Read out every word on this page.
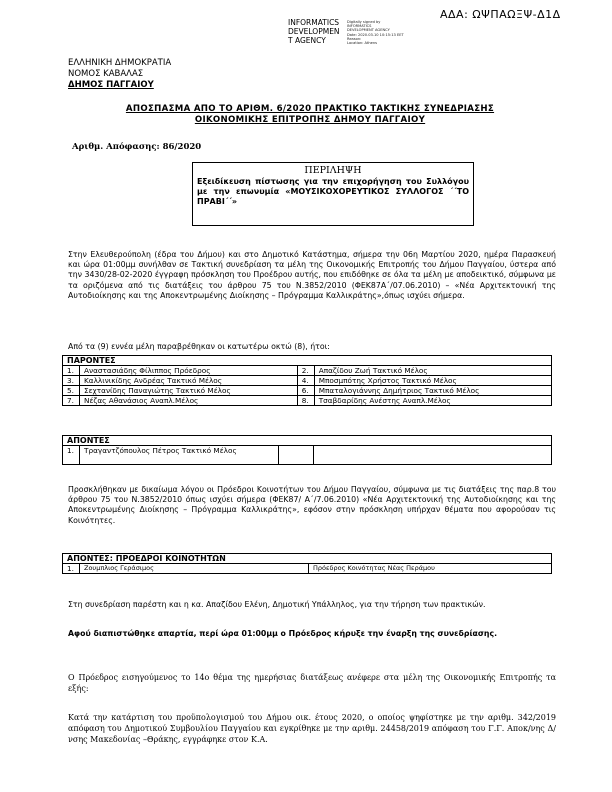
ΑΔΑ: ΩΨΠΑΩΞΨ-Δ1Δ
INFORMATICS
DEVELOPMEN
T AGENCY
Digitally signed by
INFORMATICS
DEVELOPMENT AGENCY
Date: 2020.03.10 10:15:13 EET
Reason:
Location: Athens
ΕΛΛΗΝΙΚΗ ΔΗΜΟΚΡΑΤΙΑ
ΝΟΜΟΣ ΚΑΒΑΛΑΣ
ΔΗΜΟΣ ΠΑΓΓΑΙΟΥ
ΑΠΟΣΠΑΣΜΑ ΑΠΟ ΤΟ ΑΡΙΘΜ. 6/2020 ΠΡΑΚΤΙΚΟ ΤΑΚΤΙΚΗΣ ΣΥΝΕΔΡΙΑΣΗΣ
ΟΙΚΟΝΟΜΙΚΗΣ ΕΠΙΤΡΟΠΗΣ ΔΗΜΟΥ ΠΑΓΓΑΙΟΥ
Αριθμ. Απόφασης: 86/2020
ΠΕΡΙΛΗΨΗ
Εξειδίκευση πίστωσης για την επιχορήγηση του Συλλόγου με την επωνυμία «ΜΟΥΣΙΚΟΧΟΡΕΥΤΙΚΟΣ ΣΥΛΛΟΓΟΣ ΄΄ΤΟ ΠΡΑΒΙ΄΄»
Στην Ελευθερούπολη (έδρα του Δήμου) και στο Δημοτικό Κατάστημα, σήμερα την 06η Μαρτίου 2020, ημέρα Παρασκευή και ώρα 01:00μμ συνήλθαν σε Τακτική συνεδρίαση τα μέλη της Οικονομικής Επιτροπής του Δήμου Παγγαίου, ύστερα από την 3430/28-02-2020 έγγραφη πρόσκληση του Προέδρου αυτής, που επιδόθηκε σε όλα τα μέλη με αποδεικτικό, σύμφωνα με τα οριζόμενα από τις διατάξεις του άρθρου 75 του Ν.3852/2010 (ΦΕΚ87Α΄/07.06.2010) – «Νέα Αρχιτεκτονική της Αυτοδιοίκησης και της Αποκεντρωμένης Διοίκησης – Πρόγραμμα Καλλικράτης»,όπως ισχύει σήμερα.
Από τα (9) εννέα μέλη παραβρέθηκαν οι κατωτέρω οκτώ (8), ήτοι:
ΠΑΡΟΝΤΕΣ			
1.	Αναστασιάδης Φίλιππος Πρόεδρος	2.	Απαζίδου Ζωή Τακτικό Μέλος
3.	Καλλινικίδης Ανδρέας Τακτικό Μέλος	4.	Μποσμπότης Χρήστος Τακτικό Μέλος
5.	Σεχτανίδης Παναγιώτης Τακτικό Μέλος	6.	Μπαταλογιάννης Δημήτριος Τακτικό Μέλος
7.	Νέζας Αθανάσιος Αναπλ.Μέλος	8.	Τσαβδαρίδης Ανέστης Αναπλ.Μέλος
ΑΠΟΝΤΕΣ
1.	Τραγαντζόπουλος Πέτρος Τακτικό Μέλος		
Προσκλήθηκαν με δικαίωμα λόγου οι Πρόεδροι Κοινοτήτων του Δήμου Παγγαίου, σύμφωνα με τις διατάξεις της παρ.8 του άρθρου 75 του Ν.3852/2010 όπως ισχύει σήμερα (ΦΕΚ87/ Α΄/7.06.2010) «Νέα Αρχιτεκτονική της Αυτοδιοίκησης και της Αποκεντρωμένης Διοίκησης – Πρόγραμμα Καλλικράτης», εφόσον στην πρόσκληση υπήρχαν θέματα που αφορούσαν τις Κοινότητες.
ΑΠΟΝΤΕΣ: ΠΡΟΕΔΡΟΙ ΚΟΙΝΟΤΗΤΩΝ
1.	Ζουμπλιος Γεράσιμος	Πρόεδρος Κοινότητας Νέας Περάμου
Στη συνεδρίαση παρέστη και η κα. Απαζίδου Ελένη, Δημοτική Υπάλληλος, για την τήρηση των πρακτικών.
Αφού διαπιστώθηκε απαρτία, περί ώρα 01:00μμ ο Πρόεδρος κήρυξε την έναρξη της συνεδρίασης.
Ο Πρόεδρος εισηγούμενος το 14ο θέμα της ημερήσιας διατάξεως ανέφερε στα μέλη της Οικονομικής Επιτροπής τα εξής:
Κατά την κατάρτιση του προϋπολογισμού του Δήμου οικ. έτους 2020, ο οποίος ψηφίστηκε με την αριθμ. 342/2019 απόφαση του Δημοτικού Συμβουλίου Παγγαίου και εγκρίθηκε με την αριθμ. 24458/2019 απόφαση του Γ.Γ. Αποκ/νης Δ/νσης Μακεδονίας –Θράκης, εγγράφηκε στον Κ.Α.
